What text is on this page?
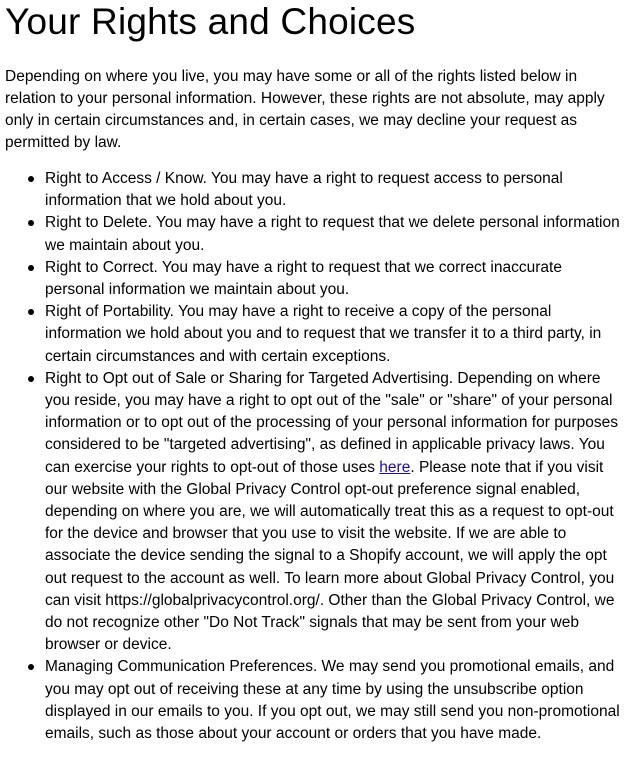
Your Rights and Choices

Depending on where you live, you may have some or all of the rights listed below in relation to your personal information. However, these rights are not absolute, may apply only in certain circumstances and, in certain cases, we may decline your request as permitted by law.

Right to Access / Know. You may have a right to request access to personal information that we hold about you.
Right to Delete. You may have a right to request that we delete personal information we maintain about you.
Right to Correct. You may have a right to request that we correct inaccurate personal information we maintain about you.
Right of Portability. You may have a right to receive a copy of the personal information we hold about you and to request that we transfer it to a third party, in certain circumstances and with certain exceptions.
Right to Opt out of Sale or Sharing for Targeted Advertising. Depending on where you reside, you may have a right to opt out of the "sale" or "share" of your personal information or to opt out of the processing of your personal information for purposes considered to be "targeted advertising", as defined in applicable privacy laws. You can exercise your rights to opt-out of those uses here. Please note that if you visit our website with the Global Privacy Control opt-out preference signal enabled, depending on where you are, we will automatically treat this as a request to opt-out for the device and browser that you use to visit the website. If we are able to associate the device sending the signal to a Shopify account, we will apply the opt out request to the account as well. To learn more about Global Privacy Control, you can visit https://globalprivacycontrol.org/. Other than the Global Privacy Control, we do not recognize other "Do Not Track" signals that may be sent from your web browser or device.
Managing Communication Preferences. We may send you promotional emails, and you may opt out of receiving these at any time by using the unsubscribe option displayed in our emails to you. If you opt out, we may still send you non-promotional emails, such as those about your account or orders that you have made.
